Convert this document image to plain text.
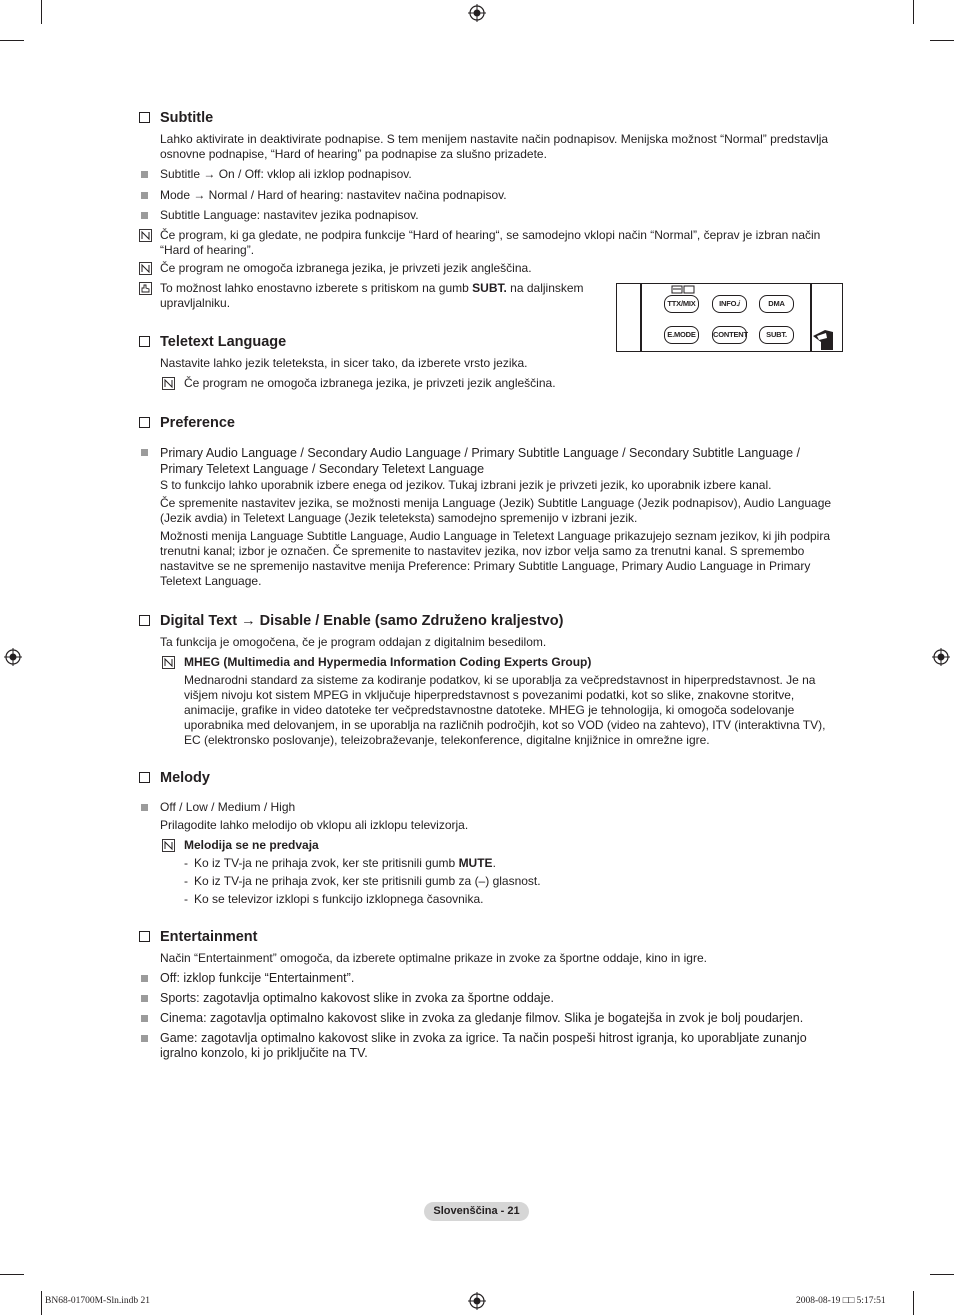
TTX/MIX	INFO.𝑖	DMA
E.MODE	CONTENT	SUBT.
Subtitle
Lahko aktivirate in deaktivirate podnapise. S tem menijem nastavite način podnapisov. Menijska možnost “Normal” predstavlja osnovne podnapise, “Hard of hearing” pa podnapise za slušno prizadete.
Subtitle → On / Off: vklop ali izklop podnapisov.
Mode → Normal / Hard of hearing: nastavitev načina podnapisov.
Subtitle Language: nastavitev jezika podnapisov.
Če program, ki ga gledate, ne podpira funkcije “Hard of hearing“, se samodejno vklopi način “Normal”, čeprav je izbran način “Hard of hearing”.
Če program ne omogoča izbranega jezika, je privzeti jezik angleščina.
To možnost lahko enostavno izberete s pritiskom na gumb SUBT. na daljinskem upravljalniku.
Teletext Language
Nastavite lahko jezik teleteksta, in sicer tako, da izberete vrsto jezika.
Če program ne omogoča izbranega jezika, je privzeti jezik angleščina.
Preference
Primary Audio Language / Secondary Audio Language / Primary Subtitle Language / Secondary Subtitle Language / Primary Teletext Language / Secondary Teletext Language
S to funkcijo lahko uporabnik izbere enega od jezikov. Tukaj izbrani jezik je privzeti jezik, ko uporabnik izbere kanal.
Če spremenite nastavitev jezika, se možnosti menija Language (Jezik) Subtitle Language (Jezik podnapisov), Audio Language (Jezik avdia) in Teletext Language (Jezik teleteksta) samodejno spremenijo v izbrani jezik.
Možnosti menija Language Subtitle Language, Audio Language in Teletext Language prikazujejo seznam jezikov, ki jih podpira trenutni kanal; izbor je označen. Če spremenite to nastavitev jezika, nov izbor velja samo za trenutni kanal. S spremembo nastavitve se ne spremenijo nastavitve menija Preference: Primary Subtitle Language, Primary Audio Language in Primary Teletext Language.
Digital Text → Disable / Enable (samo Združeno kraljestvo)
Ta funkcija je omogočena, če je program oddajan z digitalnim besedilom.
MHEG (Multimedia and Hypermedia Information Coding Experts Group)
Mednarodni standard za sisteme za kodiranje podatkov, ki se uporablja za večpredstavnost in hiperpredstavnost. Je na višjem nivoju kot sistem MPEG in vključuje hiperpredstavnost s povezanimi podatki, kot so slike, znakovne storitve, animacije, grafike in video datoteke ter večpredstavnostne datoteke. MHEG je tehnologija, ki omogoča sodelovanje uporabnika med delovanjem, in se uporablja na različnih področjih, kot so VOD (video na zahtevo), ITV (interaktivna TV), EC (elektronsko poslovanje), teleizobraževanje, telekonference, digitalne knjižnice in omrežne igre.
Melody
Off / Low / Medium / High
Prilagodite lahko melodijo ob vklopu ali izklopu televizorja.
Melodija se ne predvaja
- Ko iz TV-ja ne prihaja zvok, ker ste pritisnili gumb MUTE.
- Ko iz TV-ja ne prihaja zvok, ker ste pritisnili gumb za (–) glasnost.
- Ko se televizor izklopi s funkcijo izklopnega časovnika.
Entertainment
Način “Entertainment” omogoča, da izberete optimalne prikaze in zvoke za športne oddaje, kino in igre.
Off: izklop funkcije “Entertainment”.
Sports: zagotavlja optimalno kakovost slike in zvoka za športne oddaje.
Cinema: zagotavlja optimalno kakovost slike in zvoka za gledanje filmov. Slika je bogatejša in zvok je bolj poudarjen.
Game: zagotavlja optimalno kakovost slike in zvoka za igrice. Ta način pospeši hitrost igranja, ko uporabljate zunanjo igralno konzolo, ki jo priključite na TV.
Slovenščina - 21
BN68-01700M-Sln.indb 21	2008-08-19 □□ 5:17:51
